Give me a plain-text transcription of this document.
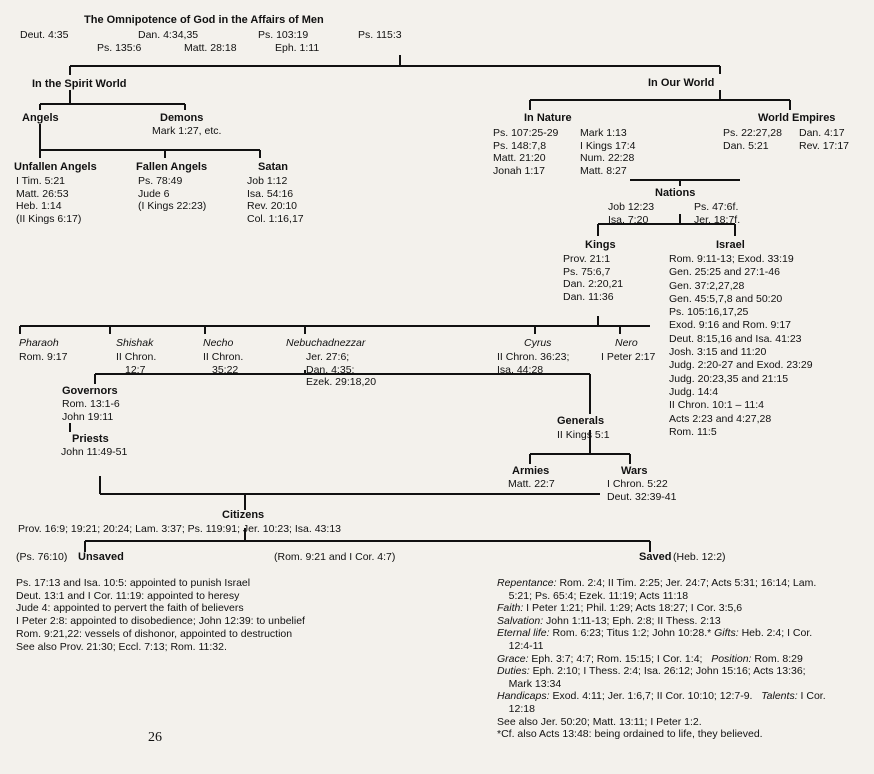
The Omnipotence of God in the Affairs of Men
Deut. 4:35	Dan. 4:34,35	Ps. 103:19	Ps. 115:3
Ps. 135:6	Matt. 28:18	Eph. 1:11
In the Spirit World
Angels	Demons
Mark 1:27, etc.
Unfallen Angels
I Tim. 5:21
Matt. 26:53
Heb. 1:14
(II Kings 6:17)
Fallen Angels
Ps. 78:49
Jude 6
(I Kings 22:23)
Satan
Job 1:12
Isa. 54:16
Rev. 20:10
Col. 1:16,17
In Our World
In Nature
Ps. 107:25-29
Ps. 148:7,8
Matt. 21:20
Jonah 1:17
Mark 1:13
I Kings 17:4
Num. 22:28
Matt. 8:27
World Empires
Ps. 22:27,28
Dan. 5:21
Dan. 4:17
Rev. 17:17
Nations
Job 12:23
Isa. 7:20
Ps. 47:6f.
Jer. 18:7f.
Kings
Prov. 21:1
Ps. 75:6,7
Dan. 2:20,21
Dan. 11:36
Israel
Rom. 9:11-13; Exod. 33:19
Gen. 25:25 and 27:1-46
Gen. 37:2,27,28
Gen. 45:5,7,8 and 50:20
Ps. 105:16,17,25
Exod. 9:16 and Rom. 9:17
Deut. 8:15,16 and Isa. 41:23
Josh. 3:15 and 11:20
Judg. 2:20-27 and Exod. 23:29
Judg. 20:23,35 and 21:15
Judg. 14:4
II Chron. 10:1 – 11:4
Acts 2:23 and 4:27,28
Rom. 11:5
Pharaoh
Rom. 9:17
Shishak
II Chron.
12:7
Necho
II Chron.
35:22
Nebuchadnezzar
Jer. 27:6;
Dan. 4:35;
Ezek. 29:18,20
Cyrus
II Chron. 36:23;
Isa. 44:28
Nero
I Peter 2:17
Governors
Rom. 13:1-6
John 19:11
Priests
John 11:49-51
Generals
II Kings 5:1
Armies
Matt. 22:7
Wars
I Chron. 5:22
Deut. 32:39-41
Citizens
Prov. 16:9; 19:21; 20:24; Lam. 3:37; Ps. 119:91; Jer. 10:23; Isa. 43:13
(Ps. 76:10) Unsaved	(Rom. 9:21 and I Cor. 4:7)	Saved (Heb. 12:2)
Ps. 17:13 and Isa. 10:5: appointed to punish Israel
Deut. 13:1 and I Cor. 11:19: appointed to heresy
Jude 4: appointed to pervert the faith of believers
I Peter 2:8: appointed to disobedience; John 12:39: to unbelief
Rom. 9:21,22: vessels of dishonor, appointed to destruction
See also Prov. 21:30; Eccl. 7:13; Rom. 11:32.
Repentance: Rom. 2:4; II Tim. 2:25; Jer. 24:7; Acts 5:31; 16:14; Lam.
5:21; Ps. 65:4; Ezek. 11:19; Acts 11:18
Faith: I Peter 1:21; Phil. 1:29; Acts 18:27; I Cor. 3:5,6
Salvation: John 1:11-13; Eph. 2:8; II Thess. 2:13
Eternal life: Rom. 6:23; Titus 1:2; John 10:28.* Gifts: Heb. 2:4; I Cor.
12:4-11
Grace: Eph. 3:7; 4:7; Rom. 15:15; I Cor. 1:4;   Position: Rom. 8:29
Duties: Eph. 2:10; I Thess. 2:4; Isa. 26:12; John 15:16; Acts 13:36;
Mark 13:34
Handicaps: Exod. 4:11; Jer. 1:6,7; II Cor. 10:10; 12:7-9.   Talents: I Cor.
12:18
See also Jer. 50:20; Matt. 13:11; I Peter 1:2.
*Cf. also Acts 13:48: being ordained to life, they believed.
26
